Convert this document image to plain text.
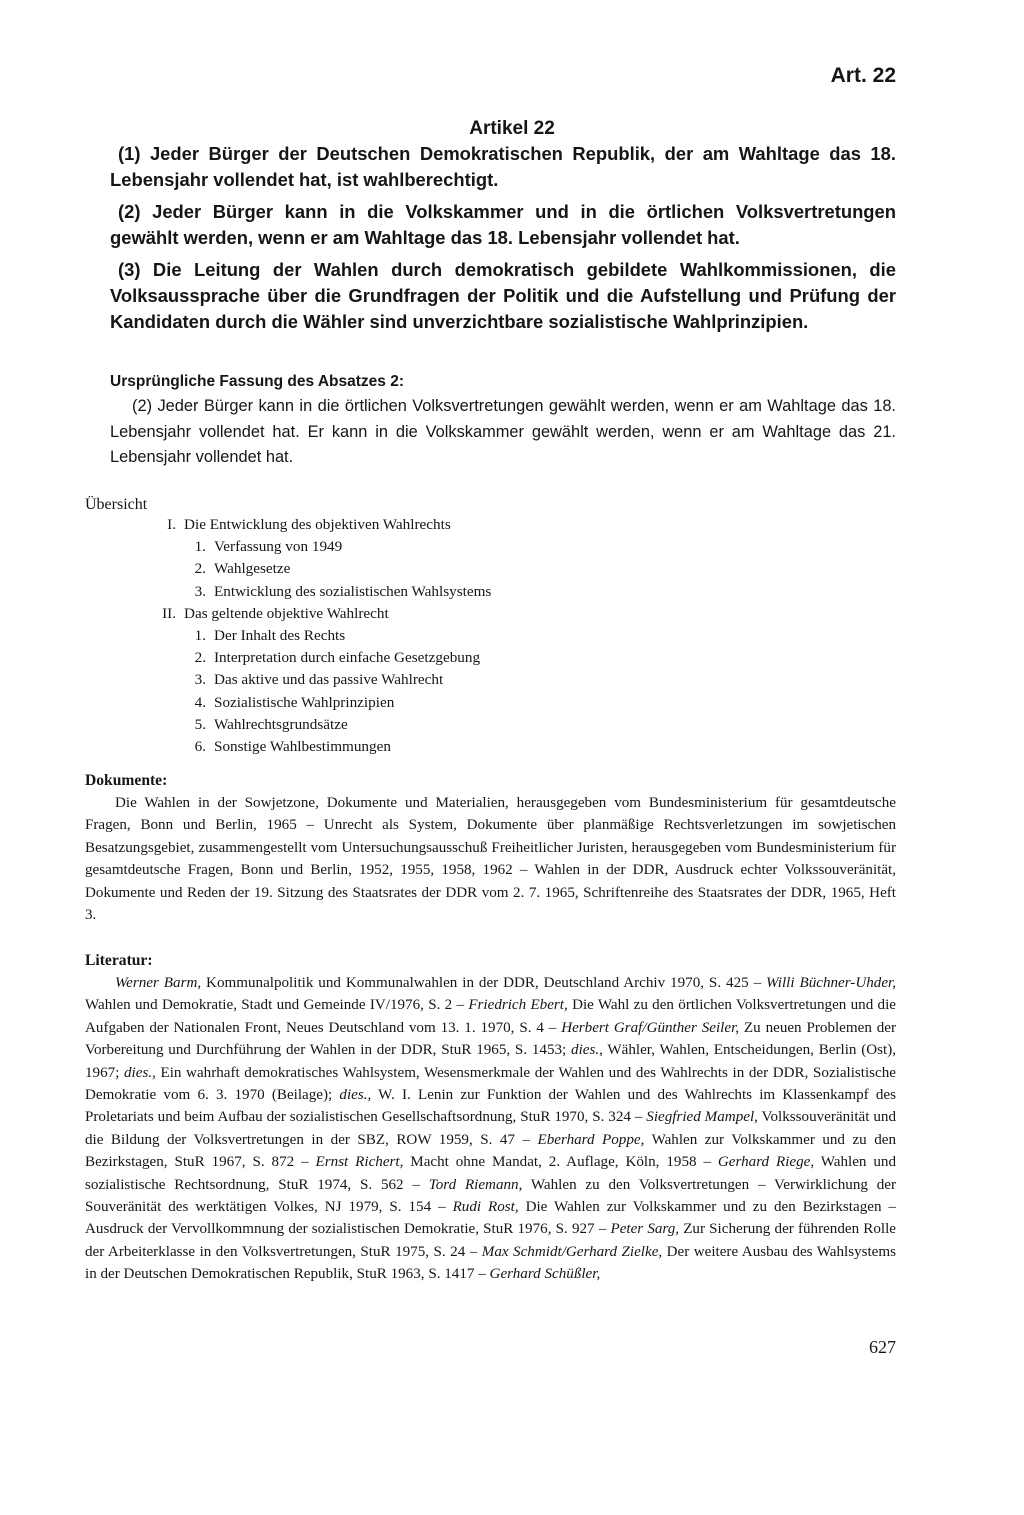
Art. 22
Artikel 22

(1) Jeder Bürger der Deutschen Demokratischen Republik, der am Wahltage das 18. Lebensjahr vollendet hat, ist wahlberechtigt.

(2) Jeder Bürger kann in die Volkskammer und in die örtlichen Volksvertretungen gewählt werden, wenn er am Wahltage das 18. Lebensjahr vollendet hat.

(3) Die Leitung der Wahlen durch demokratisch gebildete Wahlkommissionen, die Volksaussprache über die Grundfragen der Politik und die Aufstellung und Prüfung der Kandidaten durch die Wähler sind unverzichtbare sozialistische Wahlprinzipien.

Ursprüngliche Fassung des Absatzes 2:

(2) Jeder Bürger kann in die örtlichen Volksvertretungen gewählt werden, wenn er am Wahltage das 18. Lebensjahr vollendet hat. Er kann in die Volkskammer gewählt werden, wenn er am Wahltage das 21. Lebensjahr vollendet hat.

Übersicht
I. Die Entwicklung des objektiven Wahlrechts
1. Verfassung von 1949
2. Wahlgesetze
3. Entwicklung des sozialistischen Wahlsystems
II. Das geltende objektive Wahlrecht
1. Der Inhalt des Rechts
2. Interpretation durch einfache Gesetzgebung
3. Das aktive und das passive Wahlrecht
4. Sozialistische Wahlprinzipien
5. Wahlrechtsgrundsätze
6. Sonstige Wahlbestimmungen
Dokumente:

Die Wahlen in der Sowjetzone, Dokumente und Materialien, herausgegeben vom Bundesministerium für gesamtdeutsche Fragen, Bonn und Berlin, 1965 – Unrecht als System, Dokumente über planmäßige Rechtsverletzungen im sowjetischen Besatzungsgebiet, zusammengestellt vom Untersuchungsausschuß Freiheitlicher Juristen, herausgegeben vom Bundesministerium für gesamtdeutsche Fragen, Bonn und Berlin, 1952, 1955, 1958, 1962 – Wahlen in der DDR, Ausdruck echter Volkssouveränität, Dokumente und Reden der 19. Sitzung des Staatsrates der DDR vom 2. 7. 1965, Schriftenreihe des Staatsrates der DDR, 1965, Heft 3.

Literatur:

Werner Barm, Kommunalpolitik und Kommunalwahlen in der DDR, Deutschland Archiv 1970, S. 425 – Willi Büchner-Uhder, Wahlen und Demokratie, Stadt und Gemeinde IV/1976, S. 2 – Friedrich Ebert, Die Wahl zu den örtlichen Volksvertretungen und die Aufgaben der Nationalen Front, Neues Deutschland vom 13. 1. 1970, S. 4 – Herbert Graf/Günther Seiler, Zu neuen Problemen der Vorbereitung und Durchführung der Wahlen in der DDR, StuR 1965, S. 1453; dies., Wähler, Wahlen, Entscheidungen, Berlin (Ost), 1967; dies., Ein wahrhaft demokratisches Wahlsystem, Wesensmerkmale der Wahlen und des Wahlrechts in der DDR, Sozialistische Demokratie vom 6. 3. 1970 (Beilage); dies., W. I. Lenin zur Funktion der Wahlen und des Wahlrechts im Klassenkampf des Proletariats und beim Aufbau der sozialistischen Gesellschaftsordnung, StuR 1970, S. 324 – Siegfried Mampel, Volkssouveränität und die Bildung der Volksvertretungen in der SBZ, ROW 1959, S. 47 – Eberhard Poppe, Wahlen zur Volkskammer und zu den Bezirkstagen, StuR 1967, S. 872 – Ernst Richert, Macht ohne Mandat, 2. Auflage, Köln, 1958 – Gerhard Riege, Wahlen und sozialistische Rechtsordnung, StuR 1974, S. 562 – Tord Riemann, Wahlen zu den Volksvertretungen – Verwirklichung der Souveränität des werktätigen Volkes, NJ 1979, S. 154 – Rudi Rost, Die Wahlen zur Volkskammer und zu den Bezirkstagen – Ausdruck der Vervollkommnung der sozialistischen Demokratie, StuR 1976, S. 927 – Peter Sarg, Zur Sicherung der führenden Rolle der Arbeiterklasse in den Volksvertretungen, StuR 1975, S. 24 – Max Schmidt/Gerhard Zielke, Der weitere Ausbau des Wahlsystems in der Deutschen Demokratischen Republik, StuR 1963, S. 1417 – Gerhard Schüßler,

627
